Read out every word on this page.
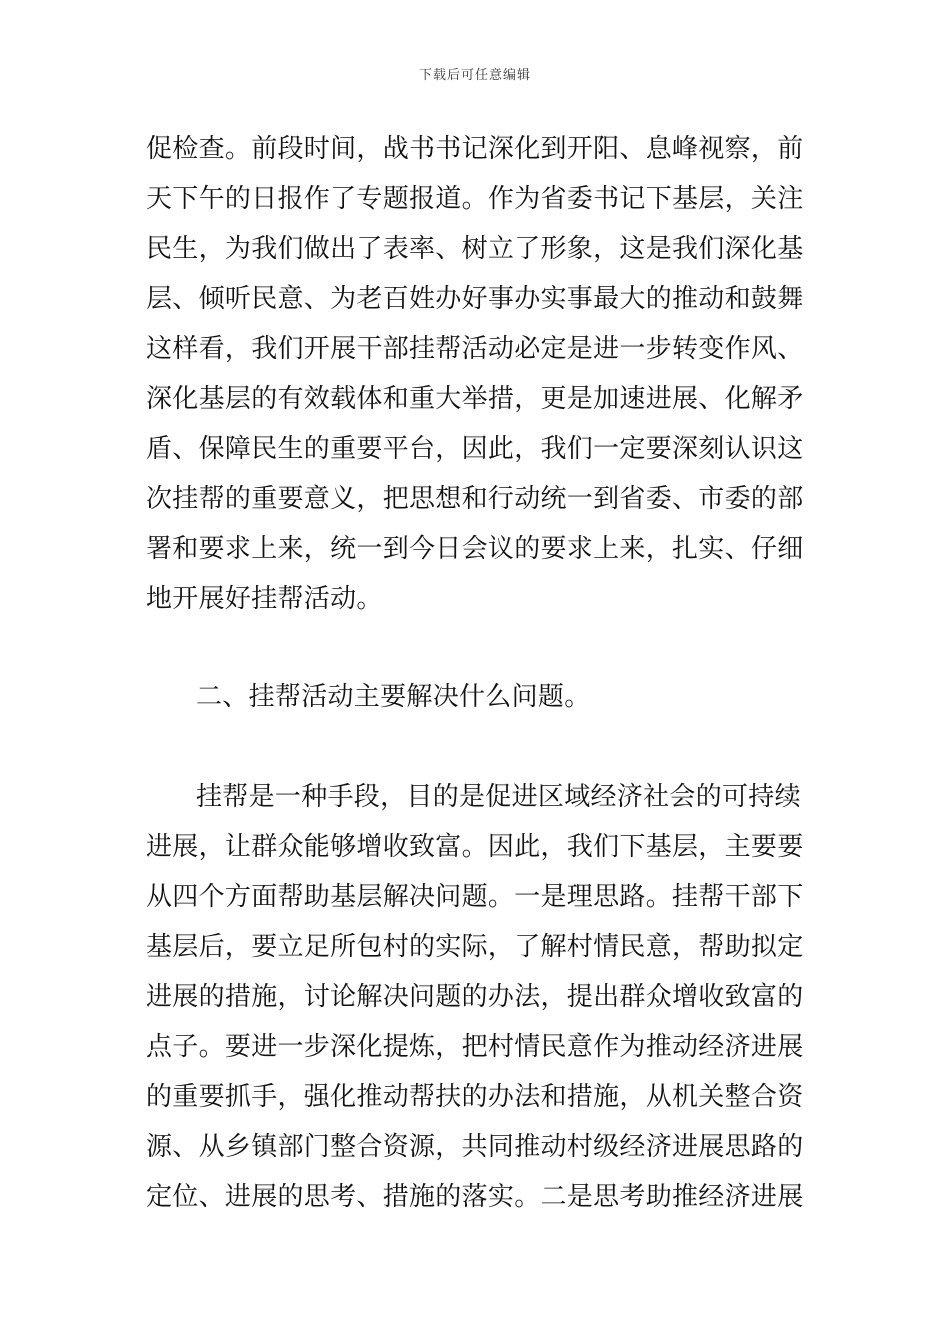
下载后可任意编辑
促检查。前段时间，战书书记深化到开阳、息峰视察，前
天下午的日报作了专题报道。作为省委书记下基层，关注
民生，为我们做出了表率、树立了形象，这是我们深化基
层、倾听民意、为老百姓办好事办实事最大的推动和鼓舞
这样看，我们开展干部挂帮活动必定是进一步转变作风、
深化基层的有效载体和重大举措，更是加速进展、化解矛
盾、保障民生的重要平台，因此，我们一定要深刻认识这
次挂帮的重要意义，把思想和行动统一到省委、市委的部
署和要求上来，统一到今日会议的要求上来，扎实、仔细
地开展好挂帮活动。
二、挂帮活动主要解决什么问题。
挂帮是一种手段，目的是促进区域经济社会的可持续
进展，让群众能够增收致富。因此，我们下基层，主要要
从四个方面帮助基层解决问题。一是理思路。挂帮干部下
基层后，要立足所包村的实际，了解村情民意，帮助拟定
进展的措施，讨论解决问题的办法，提出群众增收致富的
点子。要进一步深化提炼，把村情民意作为推动经济进展
的重要抓手，强化推动帮扶的办法和措施，从机关整合资
源、从乡镇部门整合资源，共同推动村级经济进展思路的
定位、进展的思考、措施的落实。二是思考助推经济进展
